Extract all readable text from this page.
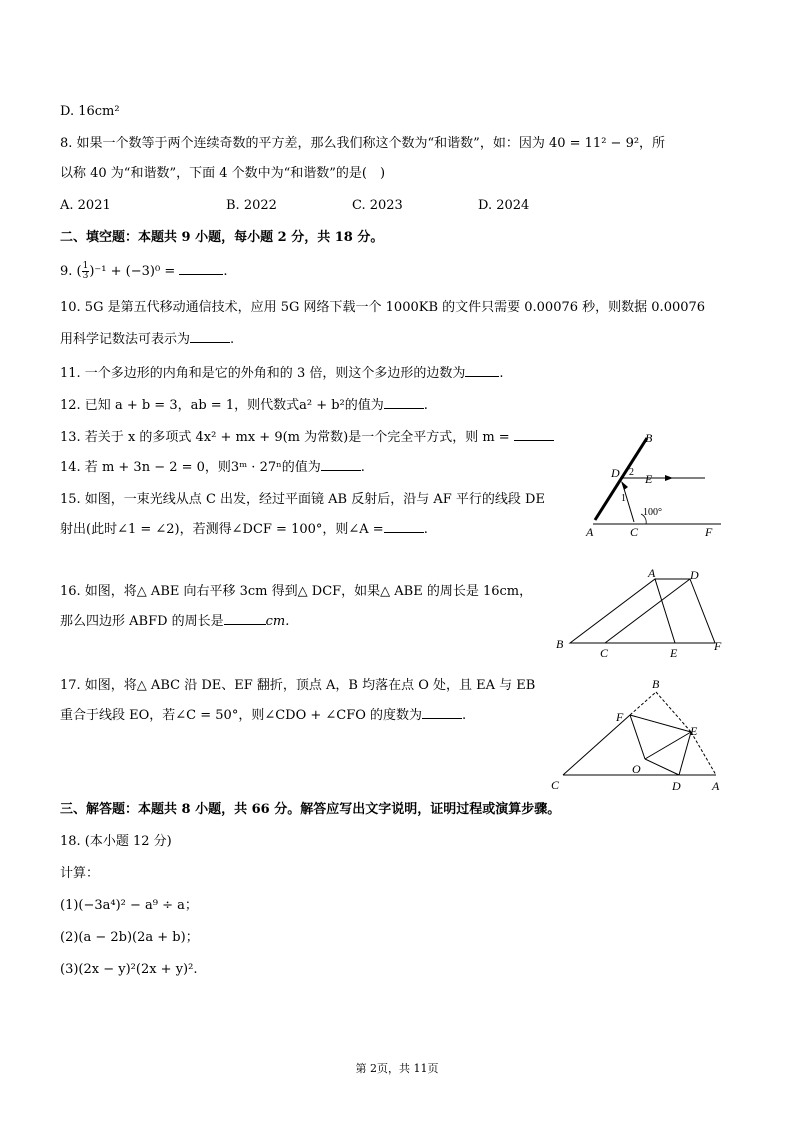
D. 16cm²
8. 如果一个数等于两个连续奇数的平方差，那么我们称这个数为“和谐数”，如：因为 40 = 11² − 9²，所
以称 40 为“和谐数”，下面 4 个数中为“和谐数”的是(　)
A. 2021	B. 2022	C. 2023	D. 2024
二、填空题：本题共 9 小题，每小题 2 分，共 18 分。
9. ( $\frac{1}{3} )^{-1} + (-3)^0$ =	.
10. 5G 是第五代移动通信技术，应用 5G 网络下载一个 1000KB 的文件只需要 0.00076 秒，则数据 0.00076
用科学记数法可表示为	.
11. 一个多边形的内角和是它的外角和的 3 倍，则这个多边形的边数为	.
12. 已知 a + b = 3，ab = 1，则代数式a² + b²的值为	.
13. 若关于 x 的多项式 4x² + mx + 9(m 为常数)是一个完全平方式，则 m =
14. 若 m + 3n − 2 = 0，则3ᵐ · 27ⁿ的值为	.
15. 如图，一束光线从点 C 出发，经过平面镜 AB 反射后，沿与 AF 平行的线段 DE
射出(此时∠1 = ∠2)，若测得∠DCF = 100°，则∠A =	.
B
D E
A	C	F
1
2
100°
16. 如图，将△ ABE 向右平移 3cm 得到△ DCF，如果△ ABE 的周长是 16cm，
那么四边形 ABFD 的周长是	cm.
A	D
B
C	E	F
17. 如图，将△ ABC 沿 DE、EF 翻折，顶点 A，B 均落在点 O 处，且 EA 与 EB
重合于线段 EO，若∠C = 50°，则∠CDO + ∠CFO 的度数为	.
B
F
E
O
C	D	A
三、解答题：本题共 8 小题，共 66 分。解答应写出文字说明，证明过程或演算步骤。
18. (本小题 12 分)
计算：
(1)(−3a⁴)² − a⁹ ÷ a；
(2)(a − 2b)(2a + b)；
(3)(2x − y)²(2x + y)².
第 2页，共 11页
